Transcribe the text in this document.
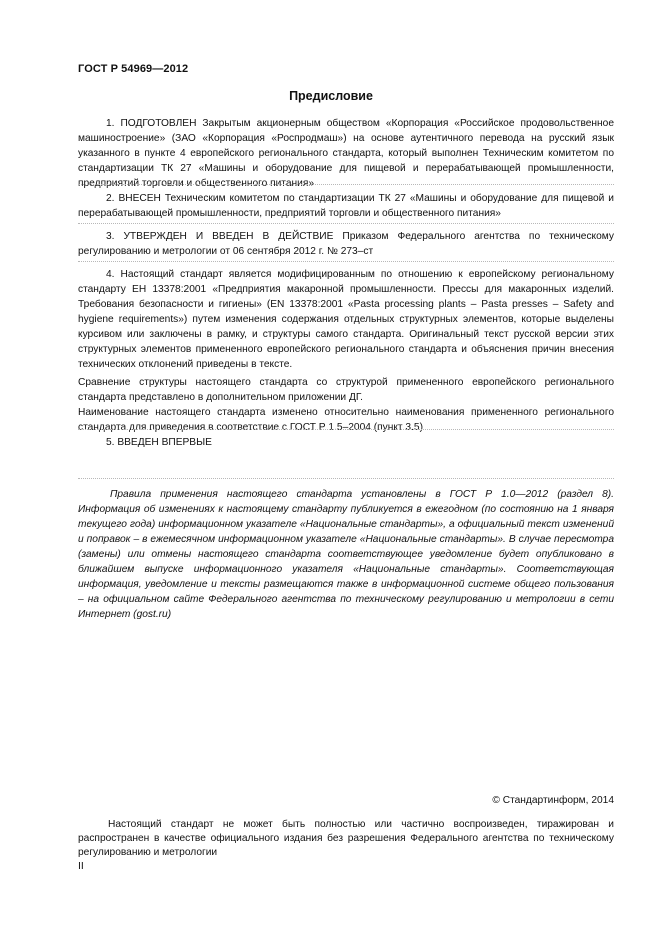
ГОСТ Р 54969—2012
Предисловие
1. ПОДГОТОВЛЕН Закрытым акционерным обществом «Корпорация «Российское продовольственное машиностроение» (ЗАО «Корпорация «Роспродмаш») на основе аутентичного перевода на русский язык указанного в пункте 4 европейского регионального стандарта, который выполнен Техническим комитетом по стандартизации ТК 27 «Машины и оборудование для пищевой и перерабатывающей промышленности, предприятий торговли и общественного питания»
2. ВНЕСЕН Техническим комитетом по стандартизации ТК 27 «Машины и оборудование для пищевой и перерабатывающей промышленности, предприятий торговли и общественного питания»
3. УТВЕРЖДЕН И ВВЕДЕН В ДЕЙСТВИЕ Приказом Федерального агентства по техническому регулированию и метрологии от 06 сентября 2012 г. № 273–ст
4. Настоящий стандарт является модифицированным по отношению к европейскому региональному стандарту ЕН 13378:2001 «Предприятия макаронной промышленности. Прессы для макаронных изделий. Требования безопасности и гигиены» (EN 13378:2001 «Pasta processing plants – Pasta presses – Safety and hygiene requirements») путем изменения содержания отдельных структурных элементов, которые выделены курсивом или заключены в рамку, и структуры самого стандарта. Оригинальный текст русской версии этих структурных элементов примененного европейского регионального стандарта и объяснения причин внесения технических отклонений приведены в тексте.
Сравнение структуры настоящего стандарта со структурой примененного европейского регионального стандарта представлено в дополнительном приложении ДГ.
Наименование настоящего стандарта изменено относительно наименования примененного регионального стандарта для приведения в соответствие с ГОСТ Р 1.5–2004 (пункт 3.5)
5. ВВЕДЕН ВПЕРВЫЕ
Правила применения настоящего стандарта установлены в ГОСТ Р 1.0—2012 (раздел 8). Информация об изменениях к настоящему стандарту публикуется в ежегодном (по состоянию на 1 января текущего года) информационном указателе «Национальные стандарты», а официальный текст изменений и поправок – в ежемесячном информационном указателе «Национальные стандарты». В случае пересмотра (замены) или отмены настоящего стандарта соответствующее уведомление будет опубликовано в ближайшем выпуске информационного указателя «Национальные стандарты». Соответствующая информация, уведомление и тексты размещаются также в информационной системе общего пользования – на официальном сайте Федерального агентства по техническому регулированию и метрологии в сети Интернет (gost.ru)
© Стандартинформ, 2014
Настоящий стандарт не может быть полностью или частично воспроизведен, тиражирован и распространен в качестве официального издания без разрешения Федерального агентства по техническому регулированию и метрологии
II
